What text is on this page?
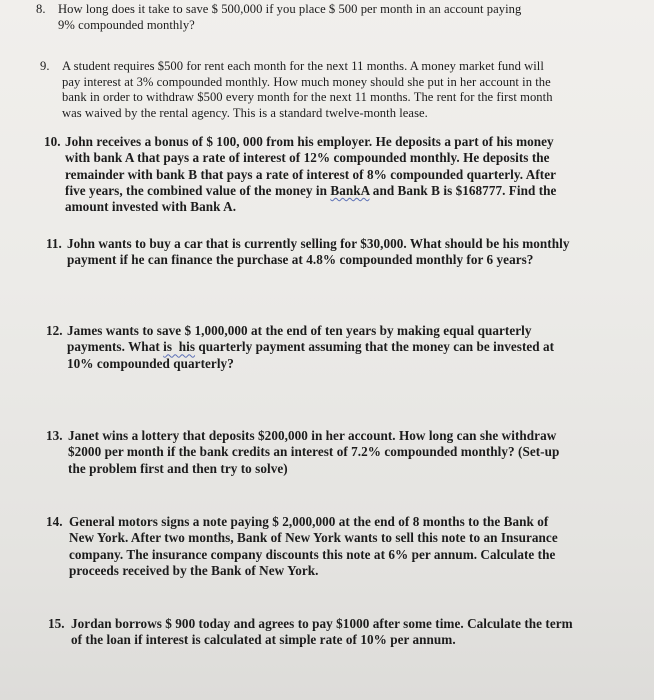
8. How long does it take to save $ 500,000 if you place $ 500 per month in an account paying
9% compounded monthly?
9. A student requires $500 for rent each month for the next 11 months. A money market fund will
pay interest at 3% compounded monthly. How much money should she put in her account in the
bank in order to withdraw $500 every month for the next 11 months. The rent for the first month
was waived by the rental agency. This is a standard twelve-month lease.
10. John receives a bonus of $ 100, 000 from his employer. He deposits a part of his money
with bank A that pays a rate of interest of 12% compounded monthly. He deposits the
remainder with bank B that pays a rate of interest of 8% compounded quarterly. After
five years, the combined value of the money in BankA and Bank B is $168777. Find the
amount invested with Bank A.
11. John wants to buy a car that is currently selling for $30,000. What should be his monthly
payment if he can finance the purchase at 4.8% compounded monthly for 6 years?
12. James wants to save $ 1,000,000 at the end of ten years by making equal quarterly
payments. What is  his quarterly payment assuming that the money can be invested at
10% compounded quarterly?
13. Janet wins a lottery that deposits $200,000 in her account. How long can she withdraw
$2000 per month if the bank credits an interest of 7.2% compounded monthly? (Set-up
the problem first and then try to solve)
14. General motors signs a note paying $ 2,000,000 at the end of 8 months to the Bank of
New York. After two months, Bank of New York wants to sell this note to an Insurance
company. The insurance company discounts this note at 6% per annum. Calculate the
proceeds received by the Bank of New York.
15. Jordan borrows $ 900 today and agrees to pay $1000 after some time. Calculate the term
of the loan if interest is calculated at simple rate of 10% per annum.
